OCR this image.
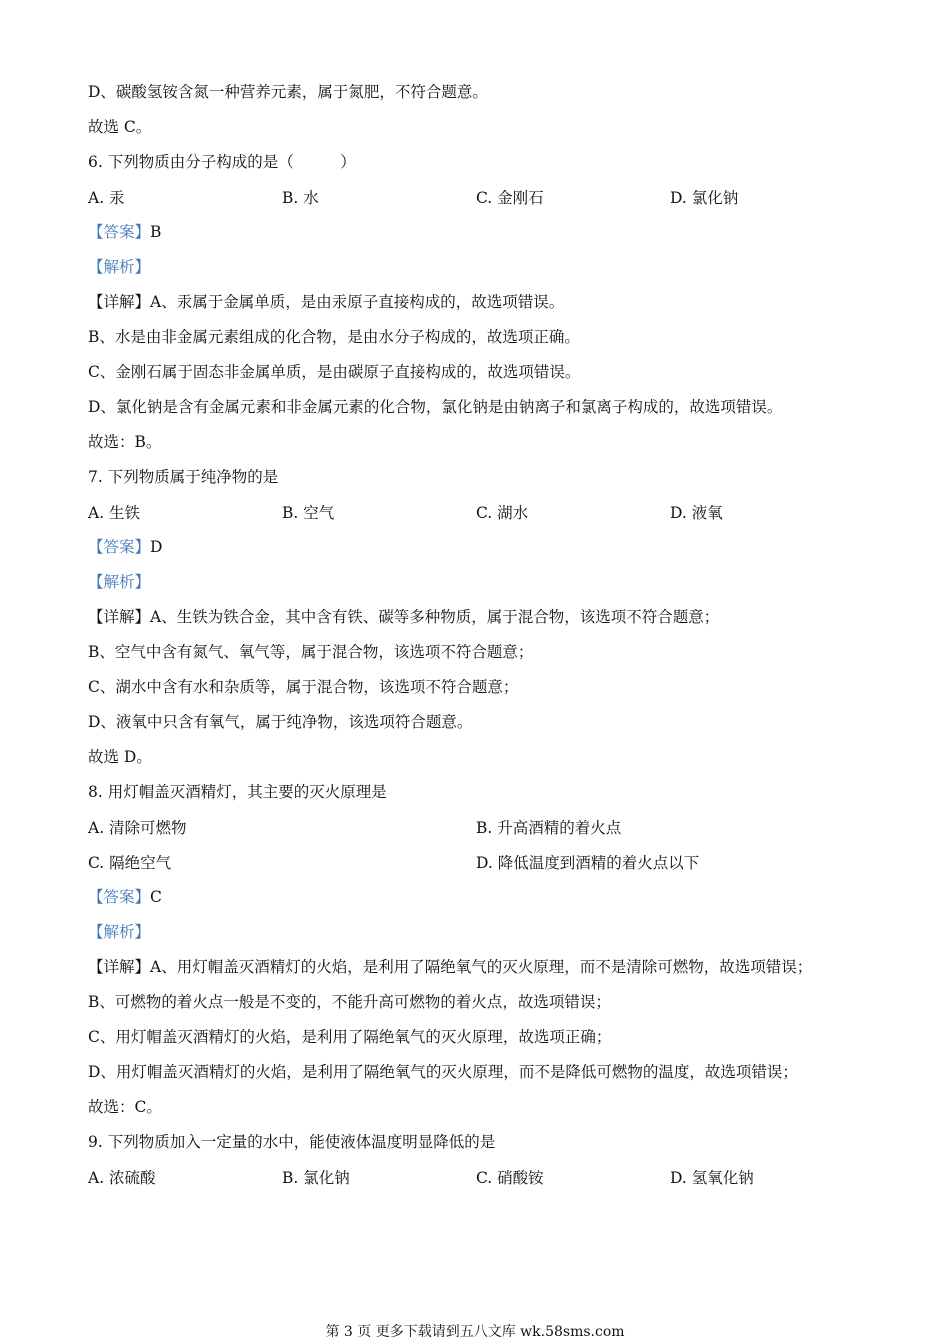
D、碳酸氢铵含氮一种营养元素，属于氮肥，不符合题意。
故选 C。
6. 下列物质由分子构成的是（　　　）
A. 汞	B. 水	C. 金刚石	D. 氯化钠
【答案】B
【解析】
【详解】A、汞属于金属单质，是由汞原子直接构成的，故选项错误。
B、水是由非金属元素组成的化合物，是由水分子构成的，故选项正确。
C、金刚石属于固态非金属单质，是由碳原子直接构成的，故选项错误。
D、氯化钠是含有金属元素和非金属元素的化合物，氯化钠是由钠离子和氯离子构成的，故选项错误。
故选：B。
7. 下列物质属于纯净物的是
A. 生铁	B. 空气	C. 湖水	D. 液氧
【答案】D
【解析】
【详解】A、生铁为铁合金，其中含有铁、碳等多种物质，属于混合物，该选项不符合题意；
B、空气中含有氮气、氧气等，属于混合物，该选项不符合题意；
C、湖水中含有水和杂质等，属于混合物，该选项不符合题意；
D、液氧中只含有氧气，属于纯净物，该选项符合题意。
故选 D。
8. 用灯帽盖灭酒精灯，其主要的灭火原理是
A. 清除可燃物	B. 升高酒精的着火点
C. 隔绝空气	D. 降低温度到酒精的着火点以下
【答案】C
【解析】
【详解】A、用灯帽盖灭酒精灯的火焰，是利用了隔绝氧气的灭火原理，而不是清除可燃物，故选项错误；
B、可燃物的着火点一般是不变的，不能升高可燃物的着火点，故选项错误；
C、用灯帽盖灭酒精灯的火焰，是利用了隔绝氧气的灭火原理，故选项正确；
D、用灯帽盖灭酒精灯的火焰，是利用了隔绝氧气的灭火原理，而不是降低可燃物的温度，故选项错误；
故选：C。
9. 下列物质加入一定量的水中，能使液体温度明显降低的是
A. 浓硫酸	B. 氯化钠	C. 硝酸铵	D. 氢氧化钠
第 3 页 更多下载请到五八文库 wk.58sms.com
